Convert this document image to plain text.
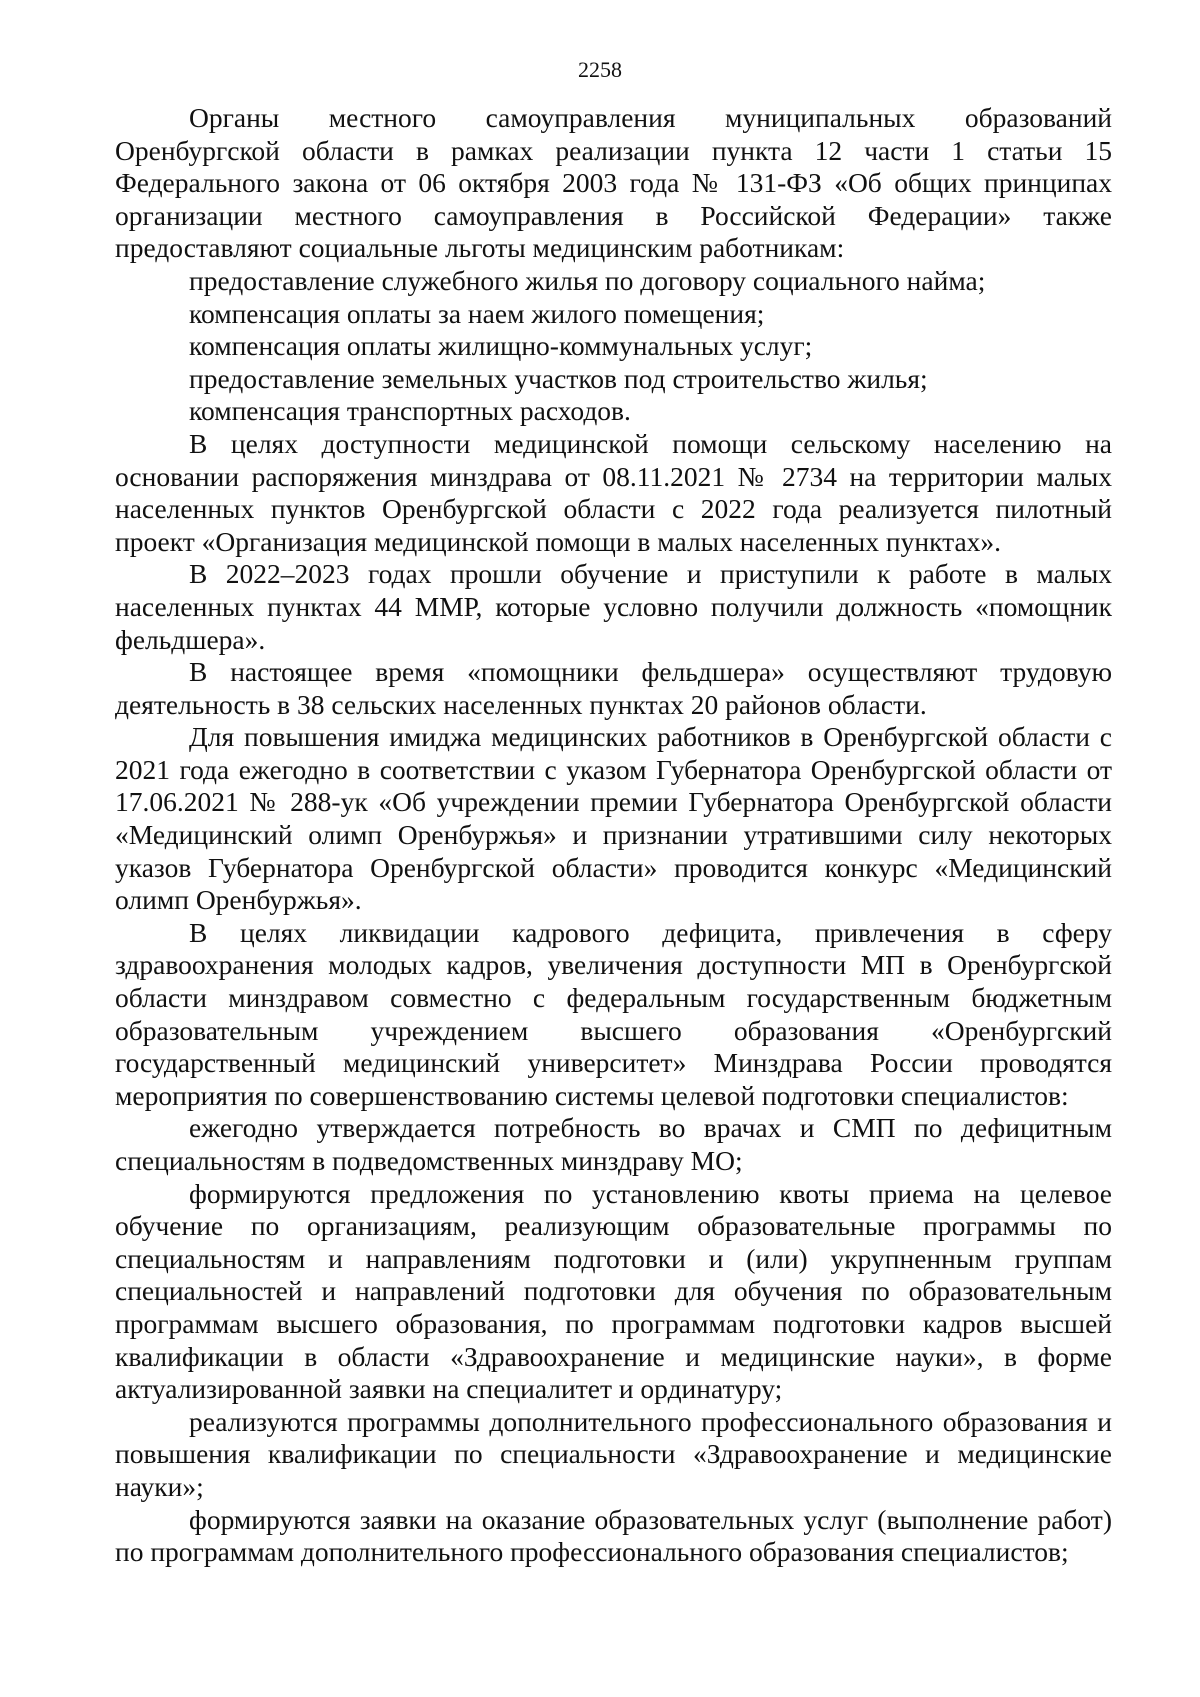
2258

Органы местного самоуправления муниципальных образований Оренбургской области в рамках реализации пункта 12 части 1 статьи 15 Федерального закона от 06 октября 2003 года № 131-ФЗ «Об общих принципах организации местного самоуправления в Российской Федерации» также предоставляют социальные льготы медицинским работникам:

предоставление служебного жилья по договору социального найма;

компенсация оплаты за наем жилого помещения;

компенсация оплаты жилищно-коммунальных услуг;

предоставление земельных участков под строительство жилья;

компенсация транспортных расходов.

В целях доступности медицинской помощи сельскому населению на основании распоряжения минздрава от 08.11.2021 № 2734 на территории малых населенных пунктов Оренбургской области с 2022 года реализуется пилотный проект «Организация медицинской помощи в малых населенных пунктах».

В 2022–2023 годах прошли обучение и приступили к работе в малых населенных пунктах 44 ММР, которые условно получили должность «помощник фельдшера».

В настоящее время «помощники фельдшера» осуществляют трудовую деятельность в 38 сельских населенных пунктах 20 районов области.

Для повышения имиджа медицинских работников в Оренбургской области с 2021 года ежегодно в соответствии с указом Губернатора Оренбургской области от 17.06.2021 № 288-ук «Об учреждении премии Губернатора Оренбургской области «Медицинский олимп Оренбуржья» и признании утратившими силу некоторых указов Губернатора Оренбургской области» проводится конкурс «Медицинский олимп Оренбуржья».

В целях ликвидации кадрового дефицита, привлечения в сферу здравоохранения молодых кадров, увеличения доступности МП в Оренбургской области минздравом совместно с федеральным государственным бюджетным образовательным учреждением высшего образования «Оренбургский государственный медицинский университет» Минздрава России проводятся мероприятия по совершенствованию системы целевой подготовки специалистов:

ежегодно утверждается потребность во врачах и СМП по дефицитным специальностям в подведомственных минздраву МО;

формируются предложения по установлению квоты приема на целевое обучение по организациям, реализующим образовательные программы по специальностям и направлениям подготовки и (или) укрупненным группам специальностей и направлений подготовки для обучения по образовательным программам высшего образования, по программам подготовки кадров высшей квалификации в области «Здравоохранение и медицинские науки», в форме актуализированной заявки на специалитет и ординатуру;

реализуются программы дополнительного профессионального образования и повышения квалификации по специальности «Здравоохранение и медицинские науки»;

формируются заявки на оказание образовательных услуг (выполнение работ) по программам дополнительного профессионального образования специалистов;
